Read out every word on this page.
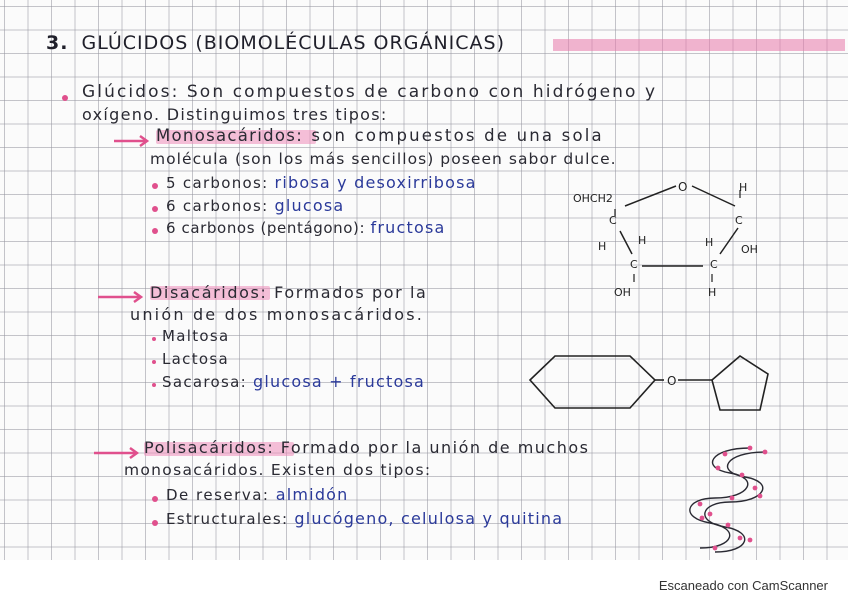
3. GLÚCIDOS (BIOMOLÉCULAS ORGÁNICAS)
Glúcidos: Son compuestos de carbono con hidrógeno y
oxígeno. Distinguimos tres tipos:
Monosacáridos: son compuestos de una sola
molécula (son los más sencillos) poseen sabor dulce.
5 carbonos: ribosa y desoxirribosa
6 carbonos: glucosa
6 carbonos (pentágono): fructosa
OHCH2
O	H
C	C
H	H	H
OH
C	C
OH	H
Disacáridos: Formados por la
unión de dos monosacáridos.
Maltosa
Lactosa
Sacarosa: glucosa + fructosa	O
Polisacáridos: Formado por la unión de muchos
monosacáridos. Existen dos tipos:
De reserva: almidón
Estructurales: glucógeno, celulosa y quitina
Escaneado con CamScanner
